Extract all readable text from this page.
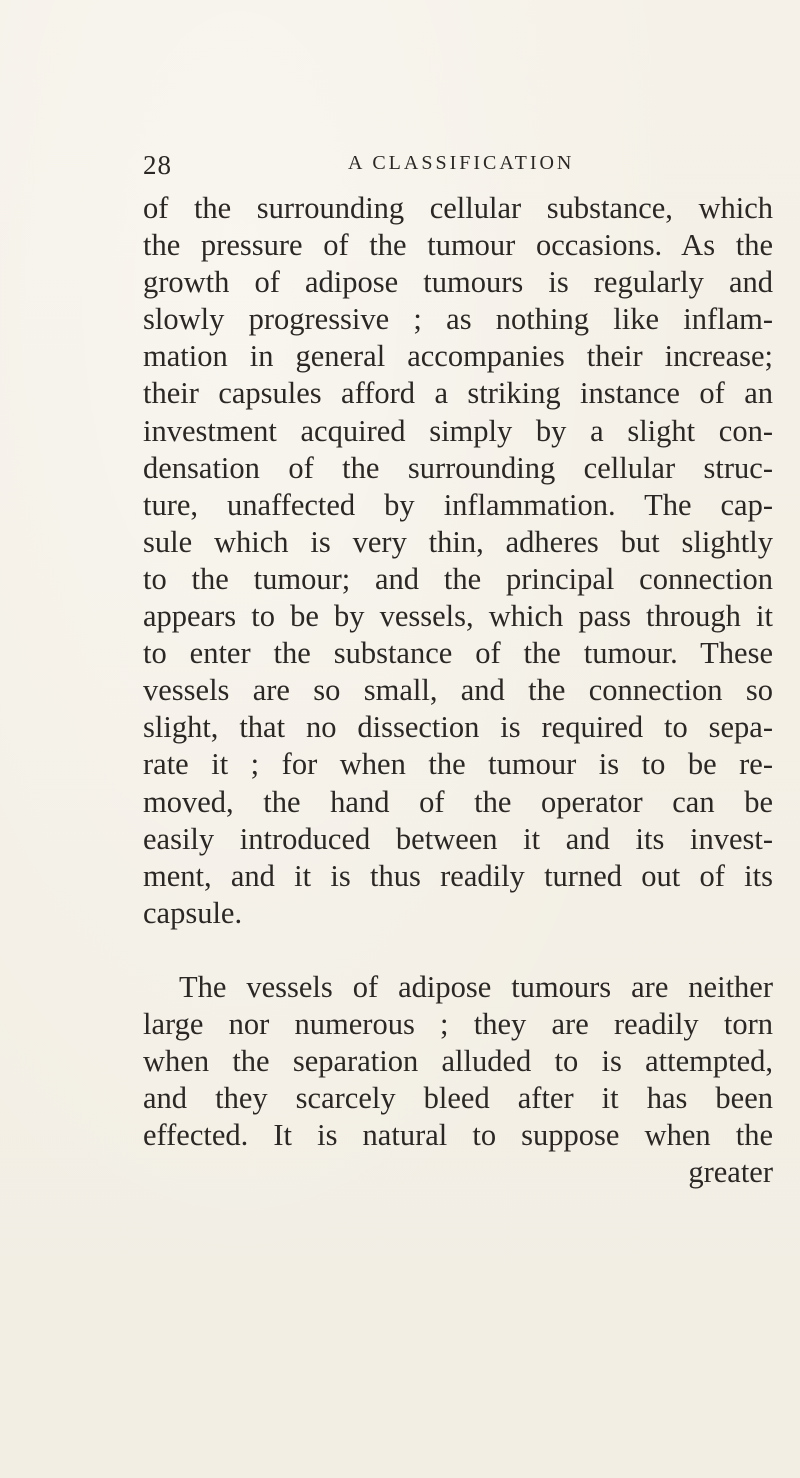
28	A CLASSIFICATION
of the surrounding cellular substance, which
the pressure of the tumour occasions. As the
growth of adipose tumours is regularly and
slowly progressive ; as nothing like inflam-
mation in general accompanies their increase;
their capsules afford a striking instance of an
investment acquired simply by a slight con-
densation of the surrounding cellular struc-
ture, unaffected by inflammation. The cap-
sule which is very thin, adheres but slightly
to the tumour; and the principal connection
appears to be by vessels, which pass through it
to enter the substance of the tumour. These
vessels are so small, and the connection so
slight, that no dissection is required to sepa-
rate it ; for when the tumour is to be re-
moved, the hand of the operator can be
easily introduced between it and its invest-
ment, and it is thus readily turned out of its
capsule.
The vessels of adipose tumours are neither
large nor numerous ; they are readily torn
when the separation alluded to is attempted,
and they scarcely bleed after it has been
effected. It is natural to suppose when the
greater
